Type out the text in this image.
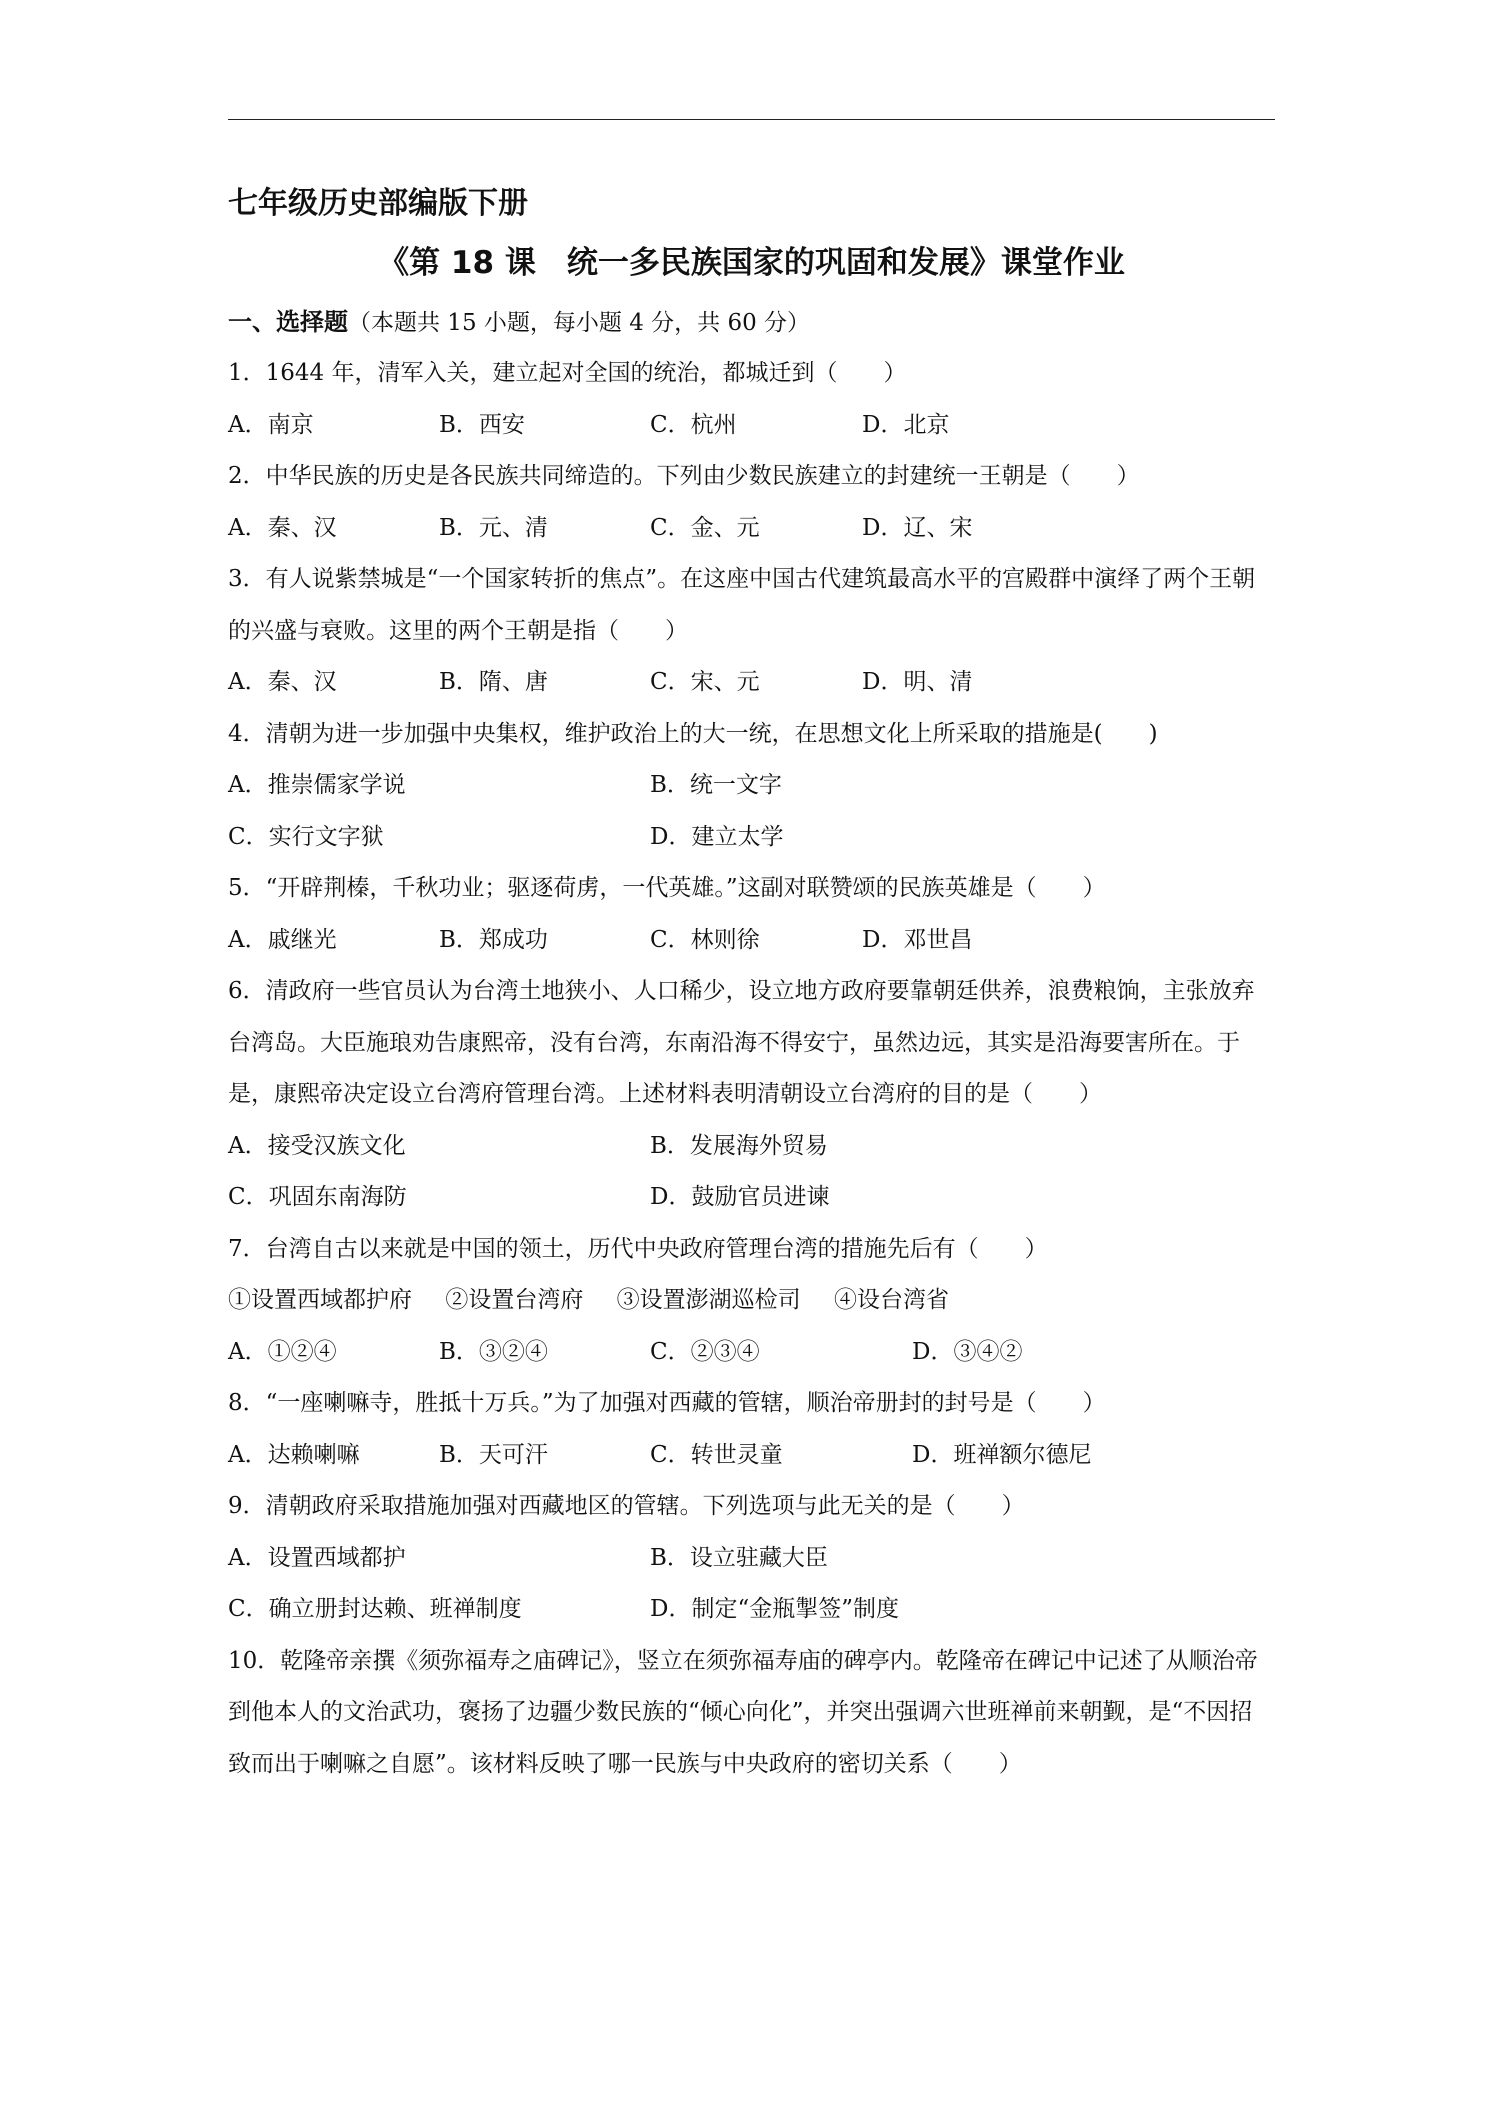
七年级历史部编版下册
《第 18 课　统一多民族国家的巩固和发展》课堂作业
一、选择题（本题共 15 小题，每小题 4 分，共 60 分）
1．1644 年，清军入关，建立起对全国的统治，都城迁到（　　）
A．南京	B．西安	C．杭州	D．北京
2．中华民族的历史是各民族共同缔造的。下列由少数民族建立的封建统一王朝是（　　）
A．秦、汉	B．元、清	C．金、元	D．辽、宋
3．有人说紫禁城是“一个国家转折的焦点”。在这座中国古代建筑最高水平的宫殿群中演绎了两个王朝的兴盛与衰败。这里的两个王朝是指（　　）
A．秦、汉	B．隋、唐	C．宋、元	D．明、清
4．清朝为进一步加强中央集权，维护政治上的大一统，在思想文化上所采取的措施是(　　)
A．推崇儒家学说	B．统一文字
C．实行文字狱	D．建立太学
5．“开辟荆榛，千秋功业；驱逐荷虏，一代英雄。”这副对联赞颂的民族英雄是（　　）
A．戚继光	B．郑成功	C．林则徐	D．邓世昌
6．清政府一些官员认为台湾土地狭小、人口稀少，设立地方政府要靠朝廷供养，浪费粮饷，主张放弃台湾岛。大臣施琅劝告康熙帝，没有台湾，东南沿海不得安宁，虽然边远，其实是沿海要害所在。于是，康熙帝决定设立台湾府管理台湾。上述材料表明清朝设立台湾府的目的是（　　）
A．接受汉族文化	B．发展海外贸易
C．巩固东南海防	D．鼓励官员进谏
7．台湾自古以来就是中国的领土，历代中央政府管理台湾的措施先后有（　　）
①设置西域都护府 ②设置台湾府 ③设置澎湖巡检司 ④设台湾省
A．①②④	B．③②④	C．②③④	D．③④②
8．“一座喇嘛寺，胜抵十万兵。”为了加强对西藏的管辖，顺治帝册封的封号是（　　）
A．达赖喇嘛	B．天可汗	C．转世灵童	D．班禅额尔德尼
9．清朝政府采取措施加强对西藏地区的管辖。下列选项与此无关的是（　　）
A．设置西域都护	B．设立驻藏大臣
C．确立册封达赖、班禅制度	D．制定“金瓶掣签”制度
10．乾隆帝亲撰《须弥福寿之庙碑记》，竖立在须弥福寿庙的碑亭内。乾隆帝在碑记中记述了从顺治帝到他本人的文治武功，褒扬了边疆少数民族的“倾心向化”，并突出强调六世班禅前来朝觐，是“不因招致而出于喇嘛之自愿”。该材料反映了哪一民族与中央政府的密切关系（　　）
